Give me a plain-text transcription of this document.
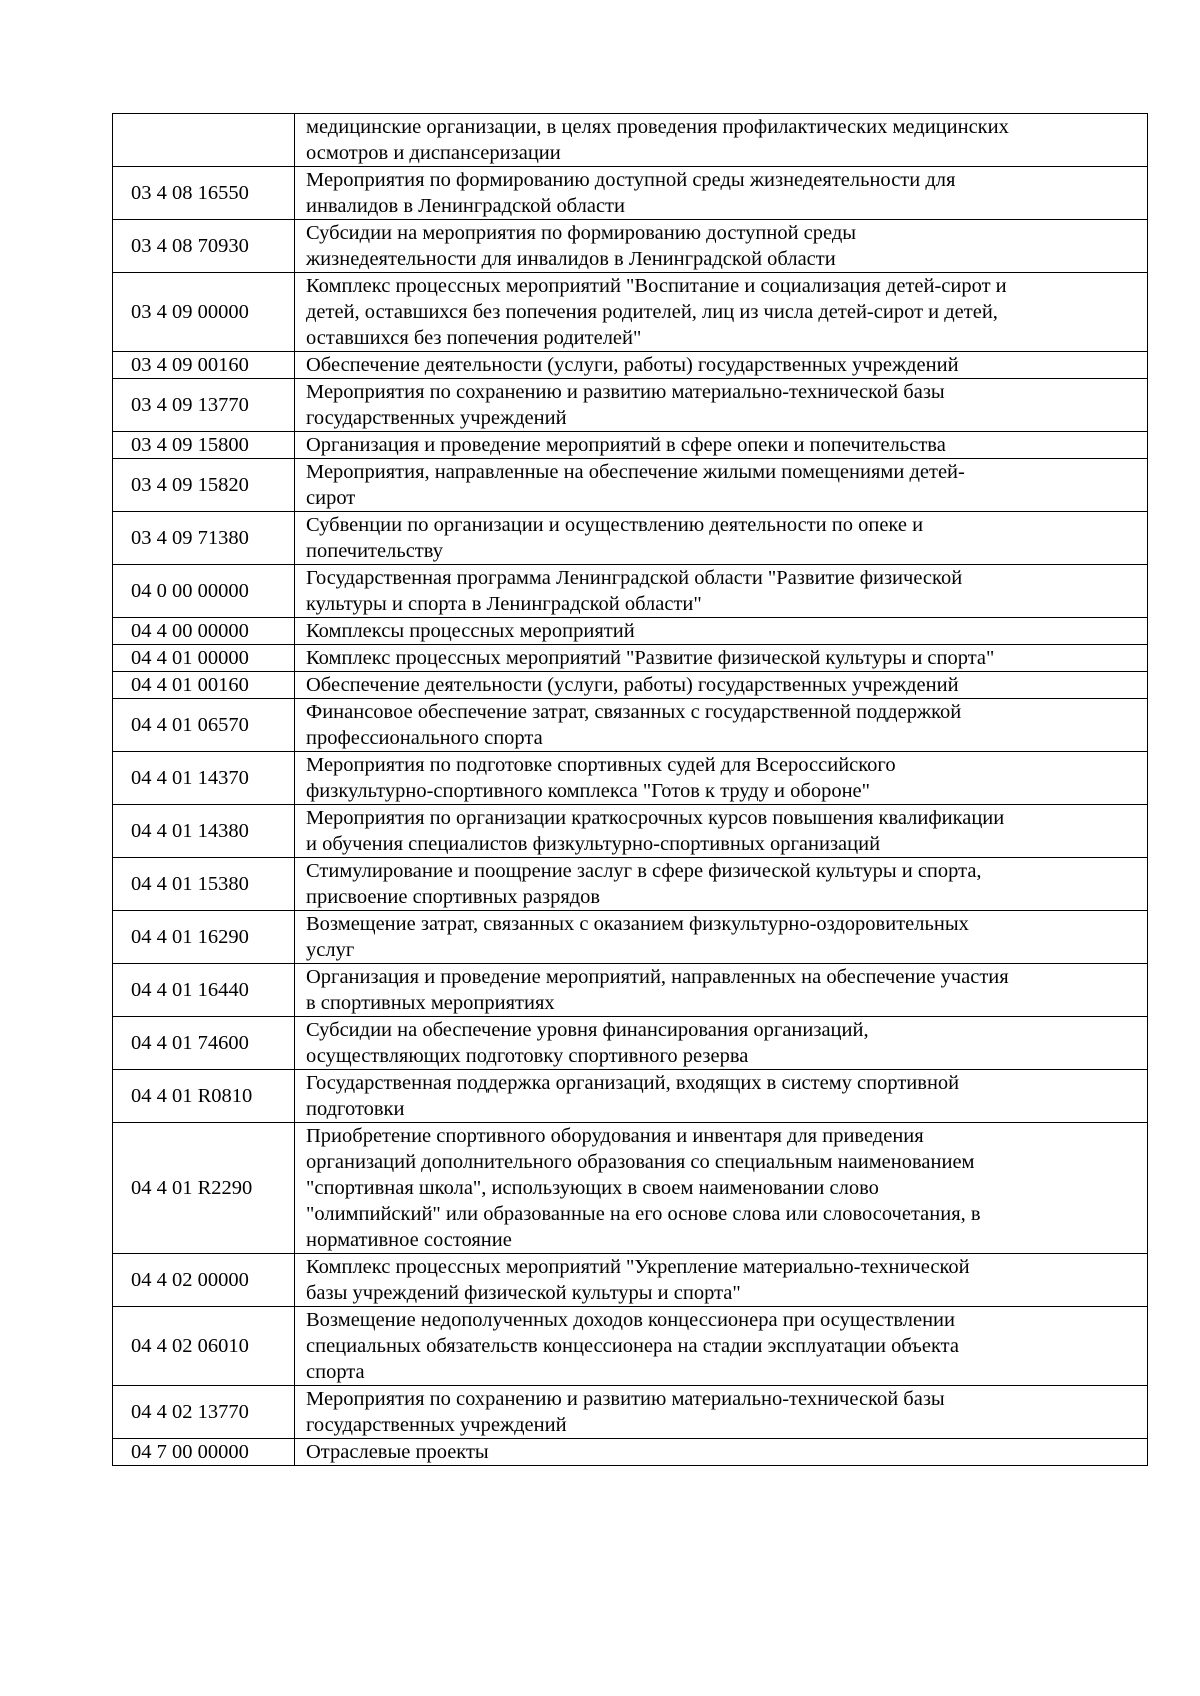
	медицинские организации, в целях проведения профилактических медицинских
осмотров и диспансеризации

03 4 08 16550	Мероприятия по формированию доступной среды жизнедеятельности для
инвалидов в Ленинградской области

03 4 08 70930	Субсидии на мероприятия по формированию доступной среды
жизнедеятельности для инвалидов в Ленинградской области

03 4 09 00000	Комплекс процессных мероприятий "Воспитание и социализация детей-сирот и
детей, оставшихся без попечения родителей, лиц из числа детей-сирот и детей,
оставшихся без попечения родителей"

03 4 09 00160	Обеспечение деятельности (услуги, работы) государственных учреждений

03 4 09 13770	Мероприятия по сохранению и развитию материально-технической базы
государственных учреждений

03 4 09 15800	Организация и проведение мероприятий в сфере опеки и попечительства

03 4 09 15820	Мероприятия, направленные на обеспечение жилыми помещениями детей-
сирот

03 4 09 71380	Субвенции по организации и осуществлению деятельности по опеке и
попечительству

04 0 00 00000	Государственная программа Ленинградской области "Развитие физической
культуры и спорта в Ленинградской области"

04 4 00 00000	Комплексы процессных мероприятий

04 4 01 00000	Комплекс процессных мероприятий "Развитие физической культуры и спорта"

04 4 01 00160	Обеспечение деятельности (услуги, работы) государственных учреждений

04 4 01 06570	Финансовое обеспечение затрат, связанных с государственной поддержкой
профессионального спорта

04 4 01 14370	Мероприятия по подготовке спортивных судей для Всероссийского
физкультурно-спортивного комплекса "Готов к труду и обороне"

04 4 01 14380	Мероприятия по организации краткосрочных курсов повышения квалификации
и обучения специалистов физкультурно-спортивных организаций

04 4 01 15380	Стимулирование и поощрение заслуг в сфере физической культуры и спорта,
присвоение спортивных разрядов

04 4 01 16290	Возмещение затрат, связанных с оказанием физкультурно-оздоровительных
услуг

04 4 01 16440	Организация и проведение мероприятий, направленных на обеспечение участия
в спортивных мероприятиях

04 4 01 74600	Субсидии на обеспечение уровня финансирования организаций,
осуществляющих подготовку спортивного резерва

04 4 01 R0810	Государственная поддержка организаций, входящих в систему спортивной
подготовки

04 4 01 R2290	Приобретение спортивного оборудования и инвентаря для приведения
организаций дополнительного образования со специальным наименованием
"спортивная школа", использующих в своем наименовании слово
"олимпийский" или образованные на его основе слова или словосочетания, в
нормативное состояние

04 4 02 00000	Комплекс процессных мероприятий "Укрепление материально-технической
базы учреждений физической культуры и спорта"

04 4 02 06010	Возмещение недополученных доходов концессионера при осуществлении
специальных обязательств концессионера на стадии эксплуатации объекта
спорта

04 4 02 13770	Мероприятия по сохранению и развитию материально-технической базы
государственных учреждений

04 7 00 00000	Отраслевые проекты
